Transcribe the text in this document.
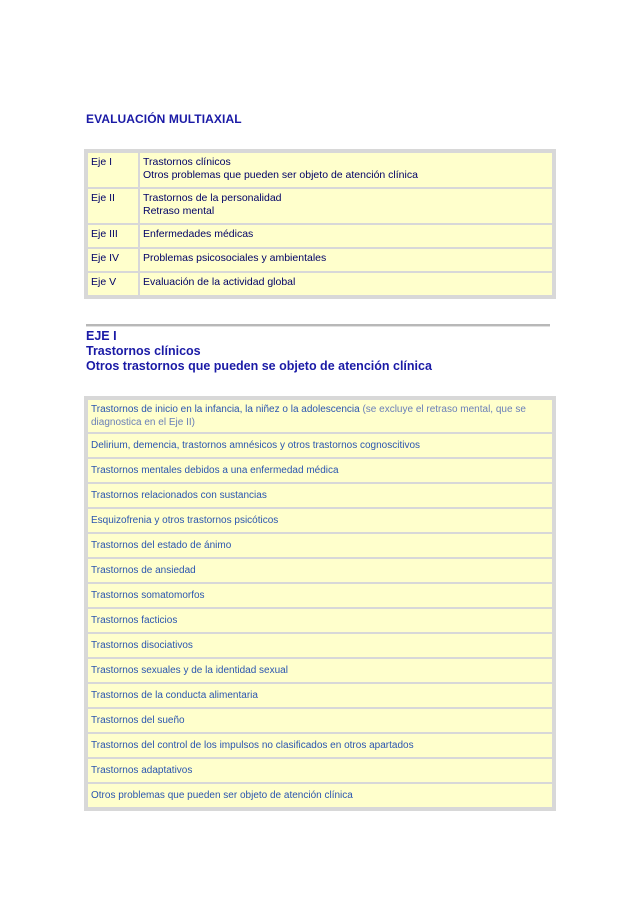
EVALUACIÓN MULTIAXIAL
Eje I	Trastornos clínicos
Otros problemas que pueden ser objeto de atención clínica

Eje II	Trastornos de la personalidad
Retraso mental

Eje III	Enfermedades médicas
Eje IV	Problemas psicosociales y ambientales
Eje V	Evaluación de la actividad global
EJE I
Trastornos clínicos
Otros trastornos que pueden se objeto de atención clínica
Trastornos de inicio en la infancia, la niñez o la adolescencia (se excluye el retraso mental, que se diagnostica en el Eje II)
Delirium, demencia, trastornos amnésicos y otros trastornos cognoscitivos
Trastornos mentales debidos a una enfermedad médica
Trastornos relacionados con sustancias
Esquizofrenia y otros trastornos psicóticos
Trastornos del estado de ánimo
Trastornos de ansiedad
Trastornos somatomorfos
Trastornos facticios
Trastornos disociativos
Trastornos sexuales y de la identidad sexual
Trastornos de la conducta alimentaria
Trastornos del sueño
Trastornos del control de los impulsos no clasificados en otros apartados
Trastornos adaptativos
Otros problemas que pueden ser objeto de atención clínica
